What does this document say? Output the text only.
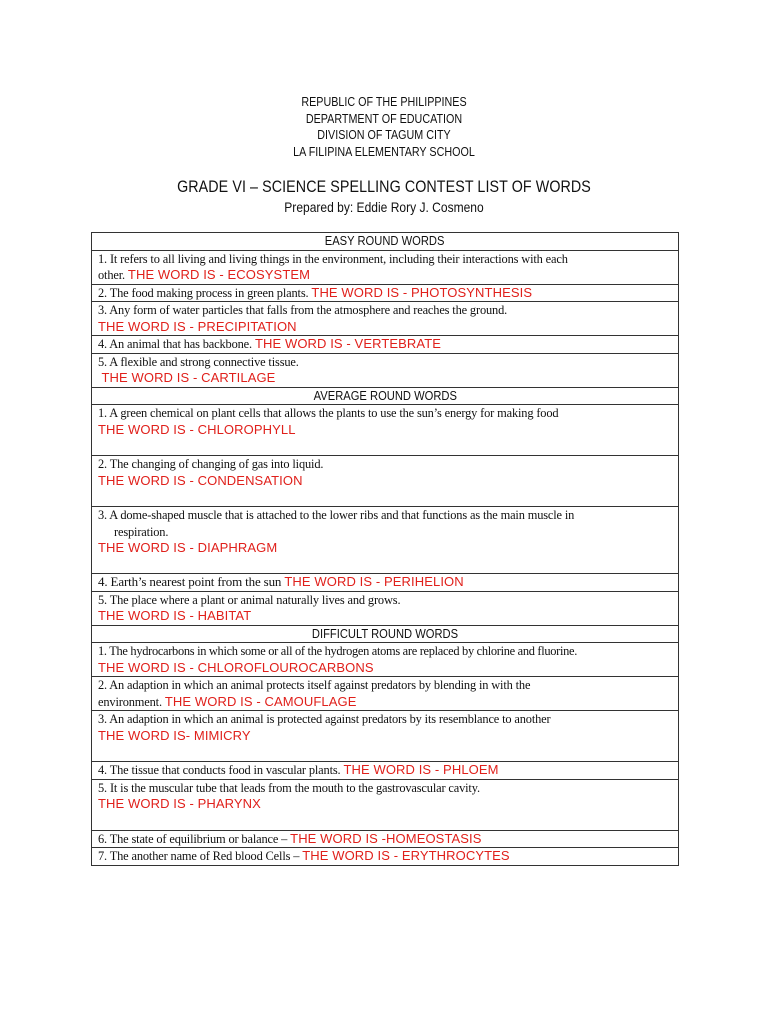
REPUBLIC OF THE PHILIPPINES
DEPARTMENT OF EDUCATION
DIVISION OF TAGUM CITY
LA FILIPINA ELEMENTARY SCHOOL
GRADE VI – SCIENCE SPELLING CONTEST LIST OF WORDS
Prepared by: Eddie Rory J. Cosmeno
EASY ROUND WORDS
1. It refers to all living and living things in the environment, including their interactions with each
other. THE WORD IS - ECOSYSTEM
2. The food making process in green plants. THE WORD IS - PHOTOSYNTHESIS
3. Any form of water particles that falls from the atmosphere and reaches the ground.
THE WORD IS - PRECIPITATION
4. An animal that has backbone. THE WORD IS - VERTEBRATE
5. A flexible and strong connective tissue.
THE WORD IS - CARTILAGE
AVERAGE ROUND WORDS
1. A green chemical on plant cells that allows the plants to use the sun’s energy for making food
THE WORD IS - CHLOROPHYLL
2. The changing of changing of gas into liquid.
THE WORD IS - CONDENSATION
3. A dome-shaped muscle that is attached to the lower ribs and that functions as the main muscle in
respiration.
THE WORD IS - DIAPHRAGM
4. Earth’s nearest point from the sun THE WORD IS - PERIHELION
5. The place where a plant or animal naturally lives and grows.
THE WORD IS - HABITAT
DIFFICULT ROUND WORDS
1. The hydrocarbons in which some or all of the hydrogen atoms are replaced by chlorine and fluorine.
THE WORD IS - CHLOROFLOUROCARBONS
2. An adaption in which an animal protects itself against predators by blending in with the
environment. THE WORD IS - CAMOUFLAGE
3. An adaption in which an animal is protected against predators by its resemblance to another
THE WORD IS- MIMICRY
4. The tissue that conducts food in vascular plants. THE WORD IS - PHLOEM
5. It is the muscular tube that leads from the mouth to the gastrovascular cavity.
THE WORD IS - PHARYNX
6. The state of equilibrium or balance – THE WORD IS -HOMEOSTASIS
7. The another name of Red blood Cells – THE WORD IS - ERYTHROCYTES
